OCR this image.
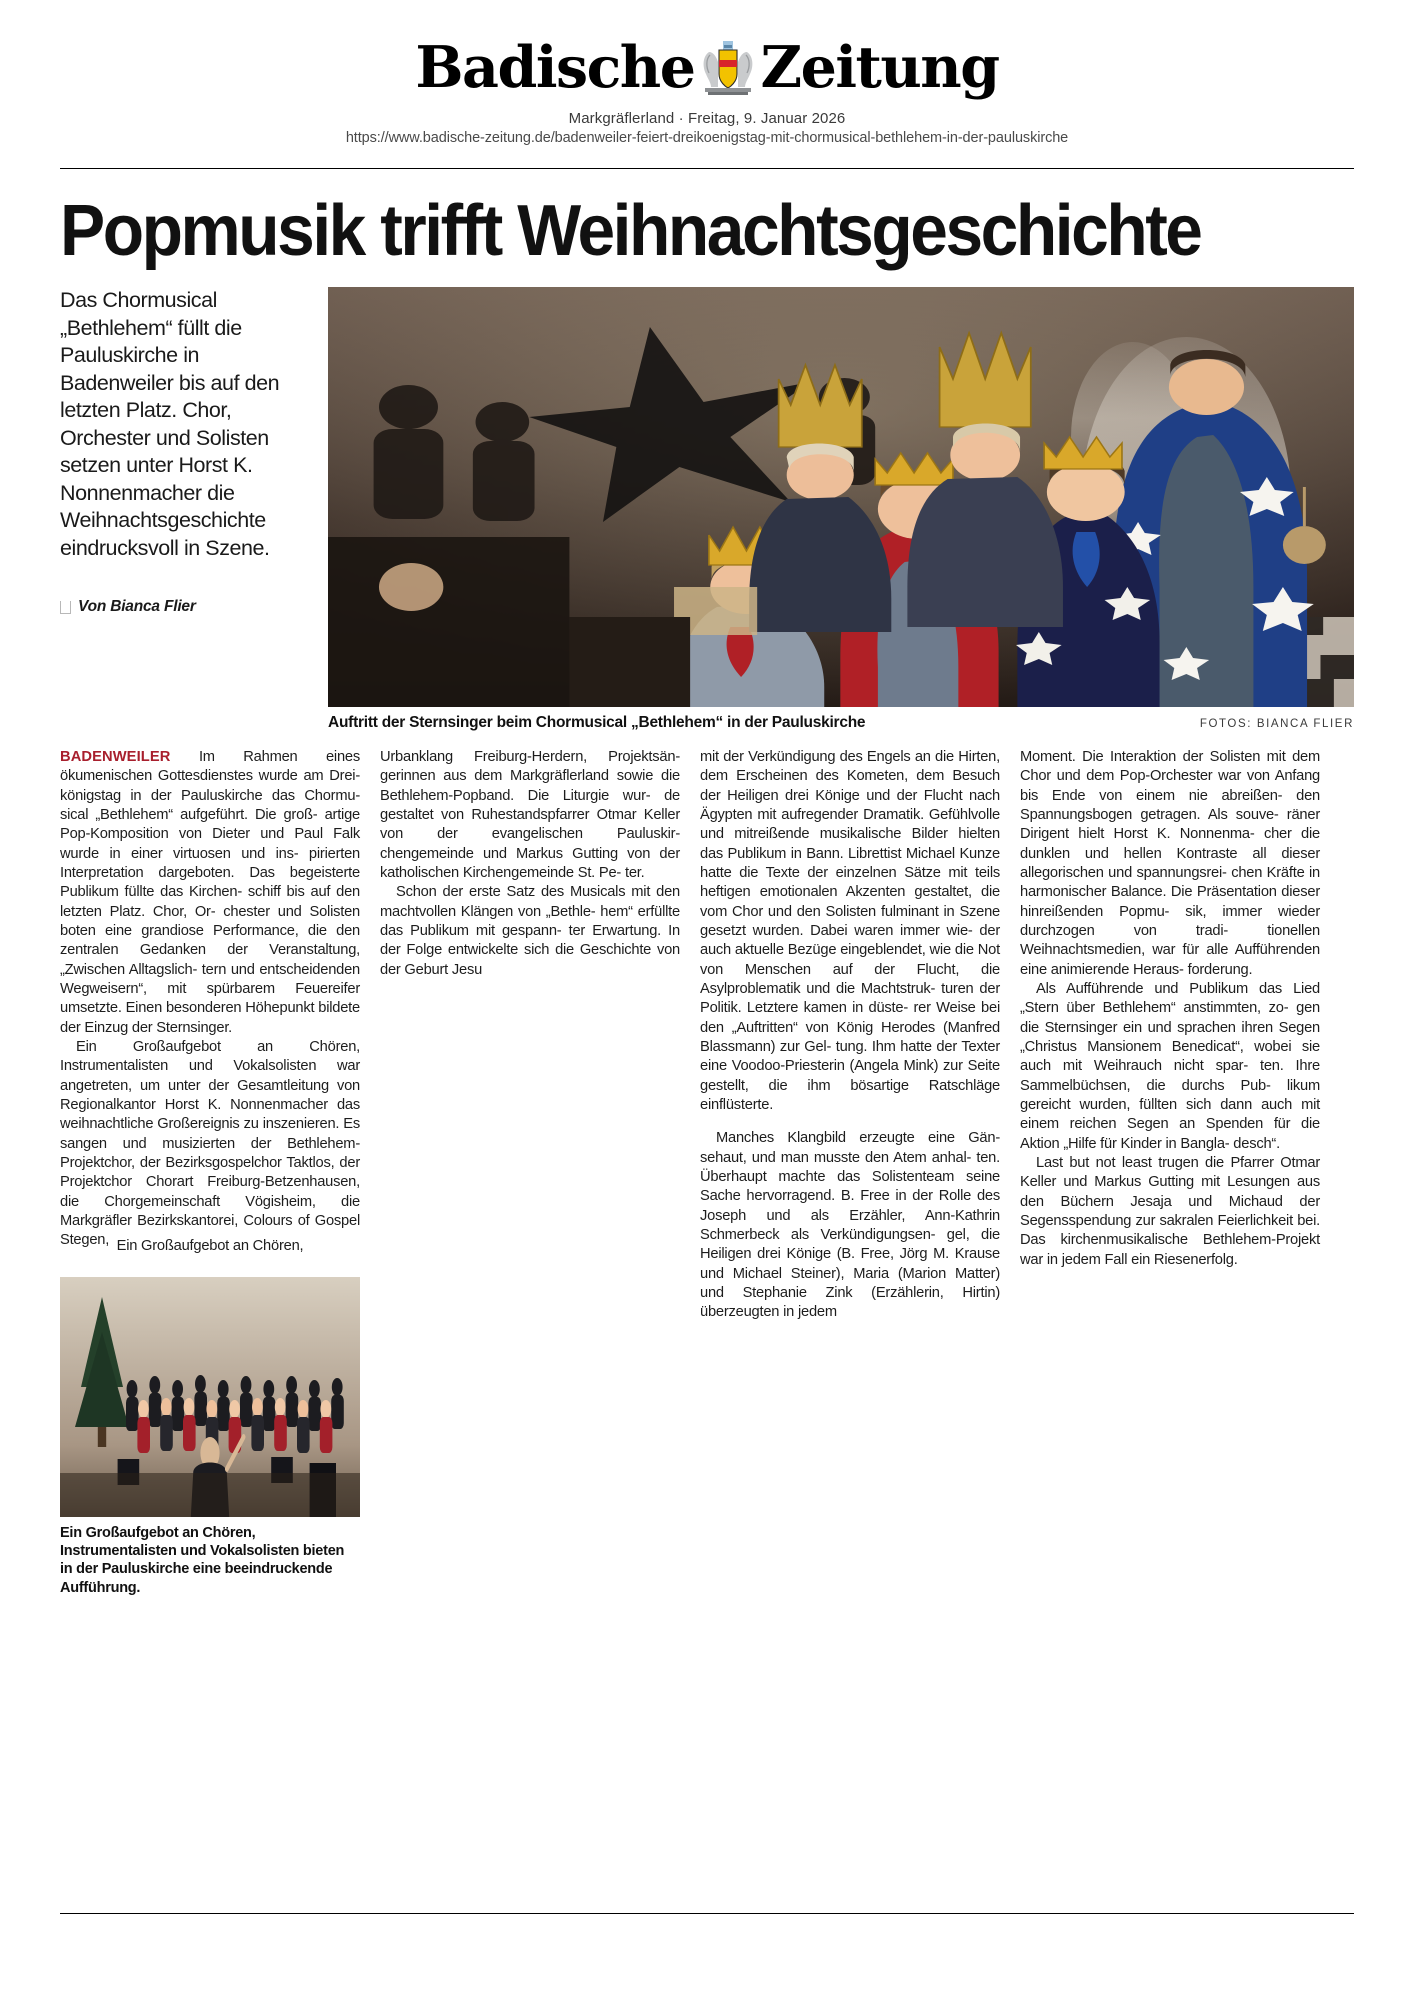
Badische Zeitung
Markgräflerland · Freitag, 9. Januar 2026
https://www.badische-zeitung.de/badenweiler-feiert-dreikoenigstag-mit-chormusical-bethlehem-in-der-pauluskirche
Popmusik trifft Weihnachtsgeschichte
Das Chormusical „Bethlehem“ füllt die Pauluskirche in Badenweiler bis auf den letzten Platz. Chor, Orchester und Solisten setzen unter Horst K. Nonnenmacher die Weihnachtsgeschichte eindrucksvoll in Szene.
Von Bianca Flier
Auftritt der Sternsinger beim Chormusical „Bethlehem“ in der Pauluskirche	FOTOS: BIANCA FLIER

BADENWEILER Im Rahmen eines ökumenischen Gottesdienstes wurde am Drei- königstag in der Pauluskirche das Chormu- sical „Bethlehem“ aufgeführt. Die groß- artige Pop-Komposition von Dieter und Paul Falk wurde in einer virtuosen und ins- pirierten Interpretation dargeboten. Das begeisterte Publikum füllte das Kirchen- schiff bis auf den letzten Platz. Chor, Or- chester und Solisten boten eine grandiose Performance, die den zentralen Gedanken der Veranstaltung, „Zwischen Alltagslich- tern und entscheidenden Wegweisern“, mit spürbarem Feuereifer umsetzte. Einen besonderen Höhepunkt bildete der Einzug der Sternsinger.

Ein Großaufgebot an Chören, Instrumentalisten und Vokalsolisten war angetreten, um unter der Gesamtleitung von Regionalkantor Horst K. Nonnenmacher das weihnachtliche Großereignis zu inszenieren. Es sangen und musizierten der Bethlehem-Projektchor, der Bezirksgospelchor Taktlos, der Projektchor Chorart Freiburg-Betzenhausen, die Chorgemeinschaft Vögisheim, die Markgräfler Bezirkskantorei, Colours of Gospel Stegen, Ein Großaufgebot an Chören,
Ein Großaufgebot an Chören, Instrumentalisten und Vokalsolisten bieten in der Pauluskirche eine beeindruckende Aufführung.

Urbanklang Freiburg-Herdern, Projektsän- gerinnen aus dem Markgräflerland sowie die Bethlehem-Popband. Die Liturgie wur- de gestaltet von Ruhestandspfarrer Otmar Keller von der evangelischen Pauluskir- chengemeinde und Markus Gutting von der katholischen Kirchengemeinde St. Pe- ter.

Schon der erste Satz des Musicals mit den machtvollen Klängen von „Bethle- hem“ erfüllte das Publikum mit gespann- ter Erwartung. In der Folge entwickelte sich die Geschichte von der Geburt Jesu

mit der Verkündigung des Engels an die Hirten, dem Erscheinen des Kometen, dem Besuch der Heiligen drei Könige und der Flucht nach Ägypten mit aufregender Dramatik. Gefühlvolle und mitreißende musikalische Bilder hielten das Publikum in Bann. Librettist Michael Kunze hatte die Texte der einzelnen Sätze mit teils heftigen emotionalen Akzenten gestaltet, die vom Chor und den Solisten fulminant in Szene gesetzt wurden. Dabei waren immer wie- der auch aktuelle Bezüge eingeblendet, wie die Not von Menschen auf der Flucht, die Asylproblematik und die Machtstruk- turen der Politik. Letztere kamen in düste- rer Weise bei den „Auftritten“ von König Herodes (Manfred Blassmann) zur Gel- tung. Ihm hatte der Texter eine Voodoo-Priesterin (Angela Mink) zur Seite gestellt, die ihm bösartige Ratschläge einflüsterte.

Manches Klangbild erzeugte eine Gän- sehaut, und man musste den Atem anhal- ten. Überhaupt machte das Solistenteam seine Sache hervorragend. B. Free in der Rolle des Joseph und als Erzähler, Ann-Kathrin Schmerbeck als Verkündigungsen- gel, die Heiligen drei Könige (B. Free, Jörg M. Krause und Michael Steiner), Maria (Marion Matter) und Stephanie Zink (Erzählerin, Hirtin) überzeugten in jedem

Moment. Die Interaktion der Solisten mit dem Chor und dem Pop-Orchester war von Anfang bis Ende von einem nie abreißen- den Spannungsbogen getragen. Als souve- räner Dirigent hielt Horst K. Nonnenma- cher die dunklen und hellen Kontraste all dieser allegorischen und spannungsrei- chen Kräfte in harmonischer Balance. Die Präsentation dieser hinreißenden Popmu- sik, immer wieder durchzogen von tradi- tionellen Weihnachtsmedien, war für alle Aufführenden eine animierende Heraus- forderung.

Als Aufführende und Publikum das Lied „Stern über Bethlehem“ anstimmten, zo- gen die Sternsinger ein und sprachen ihren Segen „Christus Mansionem Benedicat“, wobei sie auch mit Weihrauch nicht spar- ten. Ihre Sammelbüchsen, die durchs Pub- likum gereicht wurden, füllten sich dann auch mit einem reichen Segen an Spenden für die Aktion „Hilfe für Kinder in Bangla- desch“.

Last but not least trugen die Pfarrer Otmar Keller und Markus Gutting mit Lesungen aus den Büchern Jesaja und Michaud der Segensspendung zur sakralen Feierlichkeit bei. Das kirchenmusikalische Bethlehem-Projekt war in jedem Fall ein Riesenerfolg.
